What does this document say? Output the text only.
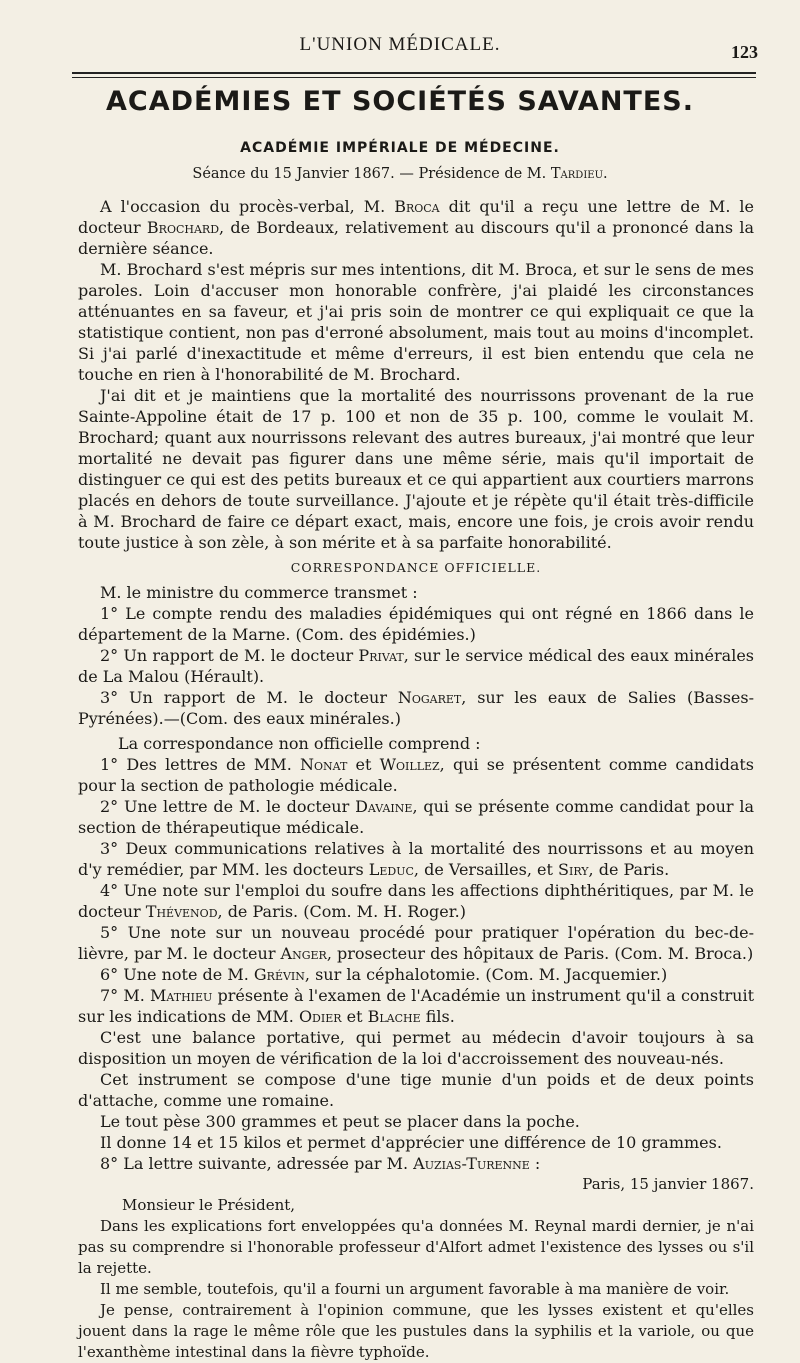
L'UNION MÉDICALE.	123
ACADÉMIES ET SOCIÉTÉS SAVANTES.
ACADÉMIE IMPÉRIALE DE MÉDECINE.
Séance du 15 Janvier 1867. — Présidence de M. Tardieu.

A l'occasion du procès-verbal, M. Broca dit qu'il a reçu une lettre de M. le docteur Brochard, de Bordeaux, relativement au discours qu'il a prononcé dans la dernière séance.

M. Brochard s'est mépris sur mes intentions, dit M. Broca, et sur le sens de mes paroles. Loin d'accuser mon honorable confrère, j'ai plaidé les circonstances atténuantes en sa faveur, et j'ai pris soin de montrer ce qui expliquait ce que la statistique contient, non pas d'erroné absolument, mais tout au moins d'incomplet. Si j'ai parlé d'inexactitude et même d'erreurs, il est bien entendu que cela ne touche en rien à l'honorabilité de M. Brochard.

J'ai dit et je maintiens que la mortalité des nourrissons provenant de la rue Sainte-Appoline était de 17 p. 100 et non de 35 p. 100, comme le voulait M. Brochard; quant aux nourrissons relevant des autres bureaux, j'ai montré que leur mortalité ne devait pas figurer dans une même série, mais qu'il importait de distinguer ce qui est des petits bureaux et ce qui appartient aux courtiers marrons placés en dehors de toute surveillance. J'ajoute et je répète qu'il était très-difficile à M. Brochard de faire ce départ exact, mais, encore une fois, je crois avoir rendu toute justice à son zèle, à son mérite et à sa parfaite honorabilité.

CORRESPONDANCE OFFICIELLE.

M. le ministre du commerce transmet :

1° Le compte rendu des maladies épidémiques qui ont régné en 1866 dans le département de la Marne. (Com. des épidémies.)

2° Un rapport de M. le docteur Privat, sur le service médical des eaux minérales de La Malou (Hérault).

3° Un rapport de M. le docteur Nogaret, sur les eaux de Salies (Basses-Pyrénées).—(Com. des eaux minérales.)

La correspondance non officielle comprend :

1° Des lettres de MM. Nonat et Woillez, qui se présentent comme candidats pour la section de pathologie médicale.

2° Une lettre de M. le docteur Davaine, qui se présente comme candidat pour la section de thérapeutique médicale.

3° Deux communications relatives à la mortalité des nourrissons et au moyen d'y remédier, par MM. les docteurs Leduc, de Versailles, et Siry, de Paris.

4° Une note sur l'emploi du soufre dans les affections diphthéritiques, par M. le docteur Thévenod, de Paris. (Com. M. H. Roger.)

5° Une note sur un nouveau procédé pour pratiquer l'opération du bec-de-lièvre, par M. le docteur Anger, prosecteur des hôpitaux de Paris. (Com. M. Broca.)

6° Une note de M. Grévin, sur la céphalotomie. (Com. M. Jacquemier.)

7° M. Mathieu présente à l'examen de l'Académie un instrument qu'il a construit sur les indications de MM. Odier et Blache fils.

C'est une balance portative, qui permet au médecin d'avoir toujours à sa disposition un moyen de vérification de la loi d'accroissement des nouveau-nés.

Cet instrument se compose d'une tige munie d'un poids et de deux points d'attache, comme une romaine.

Le tout pèse 300 grammes et peut se placer dans la poche.

Il donne 14 et 15 kilos et permet d'apprécier une différence de 10 grammes.

8° La lettre suivante, adressée par M. Auzias-Turenne :

Paris, 15 janvier 1867.

Monsieur le Président,

Dans les explications fort enveloppées qu'a données M. Reynal mardi dernier, je n'ai pas su comprendre si l'honorable professeur d'Alfort admet l'existence des lysses ou s'il la rejette.

Il me semble, toutefois, qu'il a fourni un argument favorable à ma manière de voir.

Je pense, contrairement à l'opinion commune, que les lysses existent et qu'elles jouent dans la rage le même rôle que les pustules dans la syphilis et la variole, ou que l'exanthème intestinal dans la fièvre typhoïde.
